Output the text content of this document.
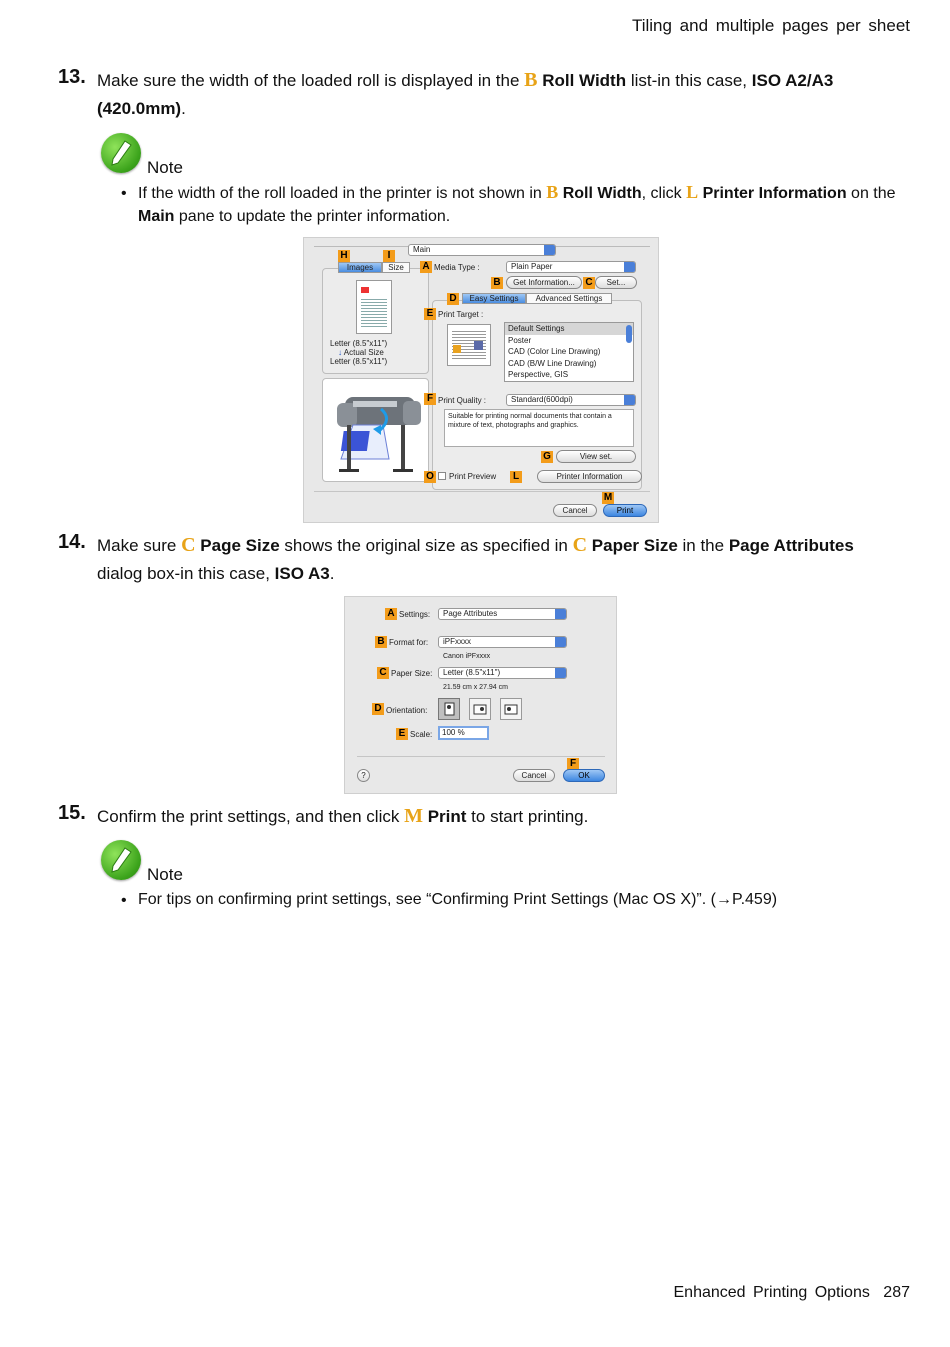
Tiling and multiple pages per sheet
13. Make sure the width of the loaded roll is displayed in the B Roll Width list-in this case, ISO A2/A3 (420.0mm).
Note
• If the width of the roll loaded in the printer is not shown in B Roll Width, click L Printer Information on the Main pane to update the printer information.
Main
H	I
Images	Size
Letter (8.5"x11")
↓ Actual Size
Letter (8.5"x11")
A Media Type :	Plain Paper
B	Get Information...	C	Set...
D	Easy Settings	Advanced Settings
E Print Target :
Default Settings
Poster
CAD (Color Line Drawing)
CAD (B/W Line Drawing)
Perspective, GIS
F Print Quality :	Standard(600dpi)
Suitable for printing normal documents that contain a mixture of text, photographs and graphics.
G	View set.
O Print Preview L	Printer Information
M
Cancel	Print
14. Make sure C Page Size shows the original size as specified in C Paper Size in the Page Attributes dialog box-in this case, ISO A3.
A Settings:	Page Attributes
B Format for:	iPFxxxx
Canon iPFxxxx
C Paper Size:	Letter (8.5"x11")
21.59 cm x 27.94 cm
D Orientation:
E Scale:	100 %
F
?	Cancel	OK
15. Confirm the print settings, and then click M Print to start printing.
Note
• For tips on confirming print settings, see “Confirming Print Settings (Mac OS X)”. (→P.459)
Enhanced Printing Options 287
